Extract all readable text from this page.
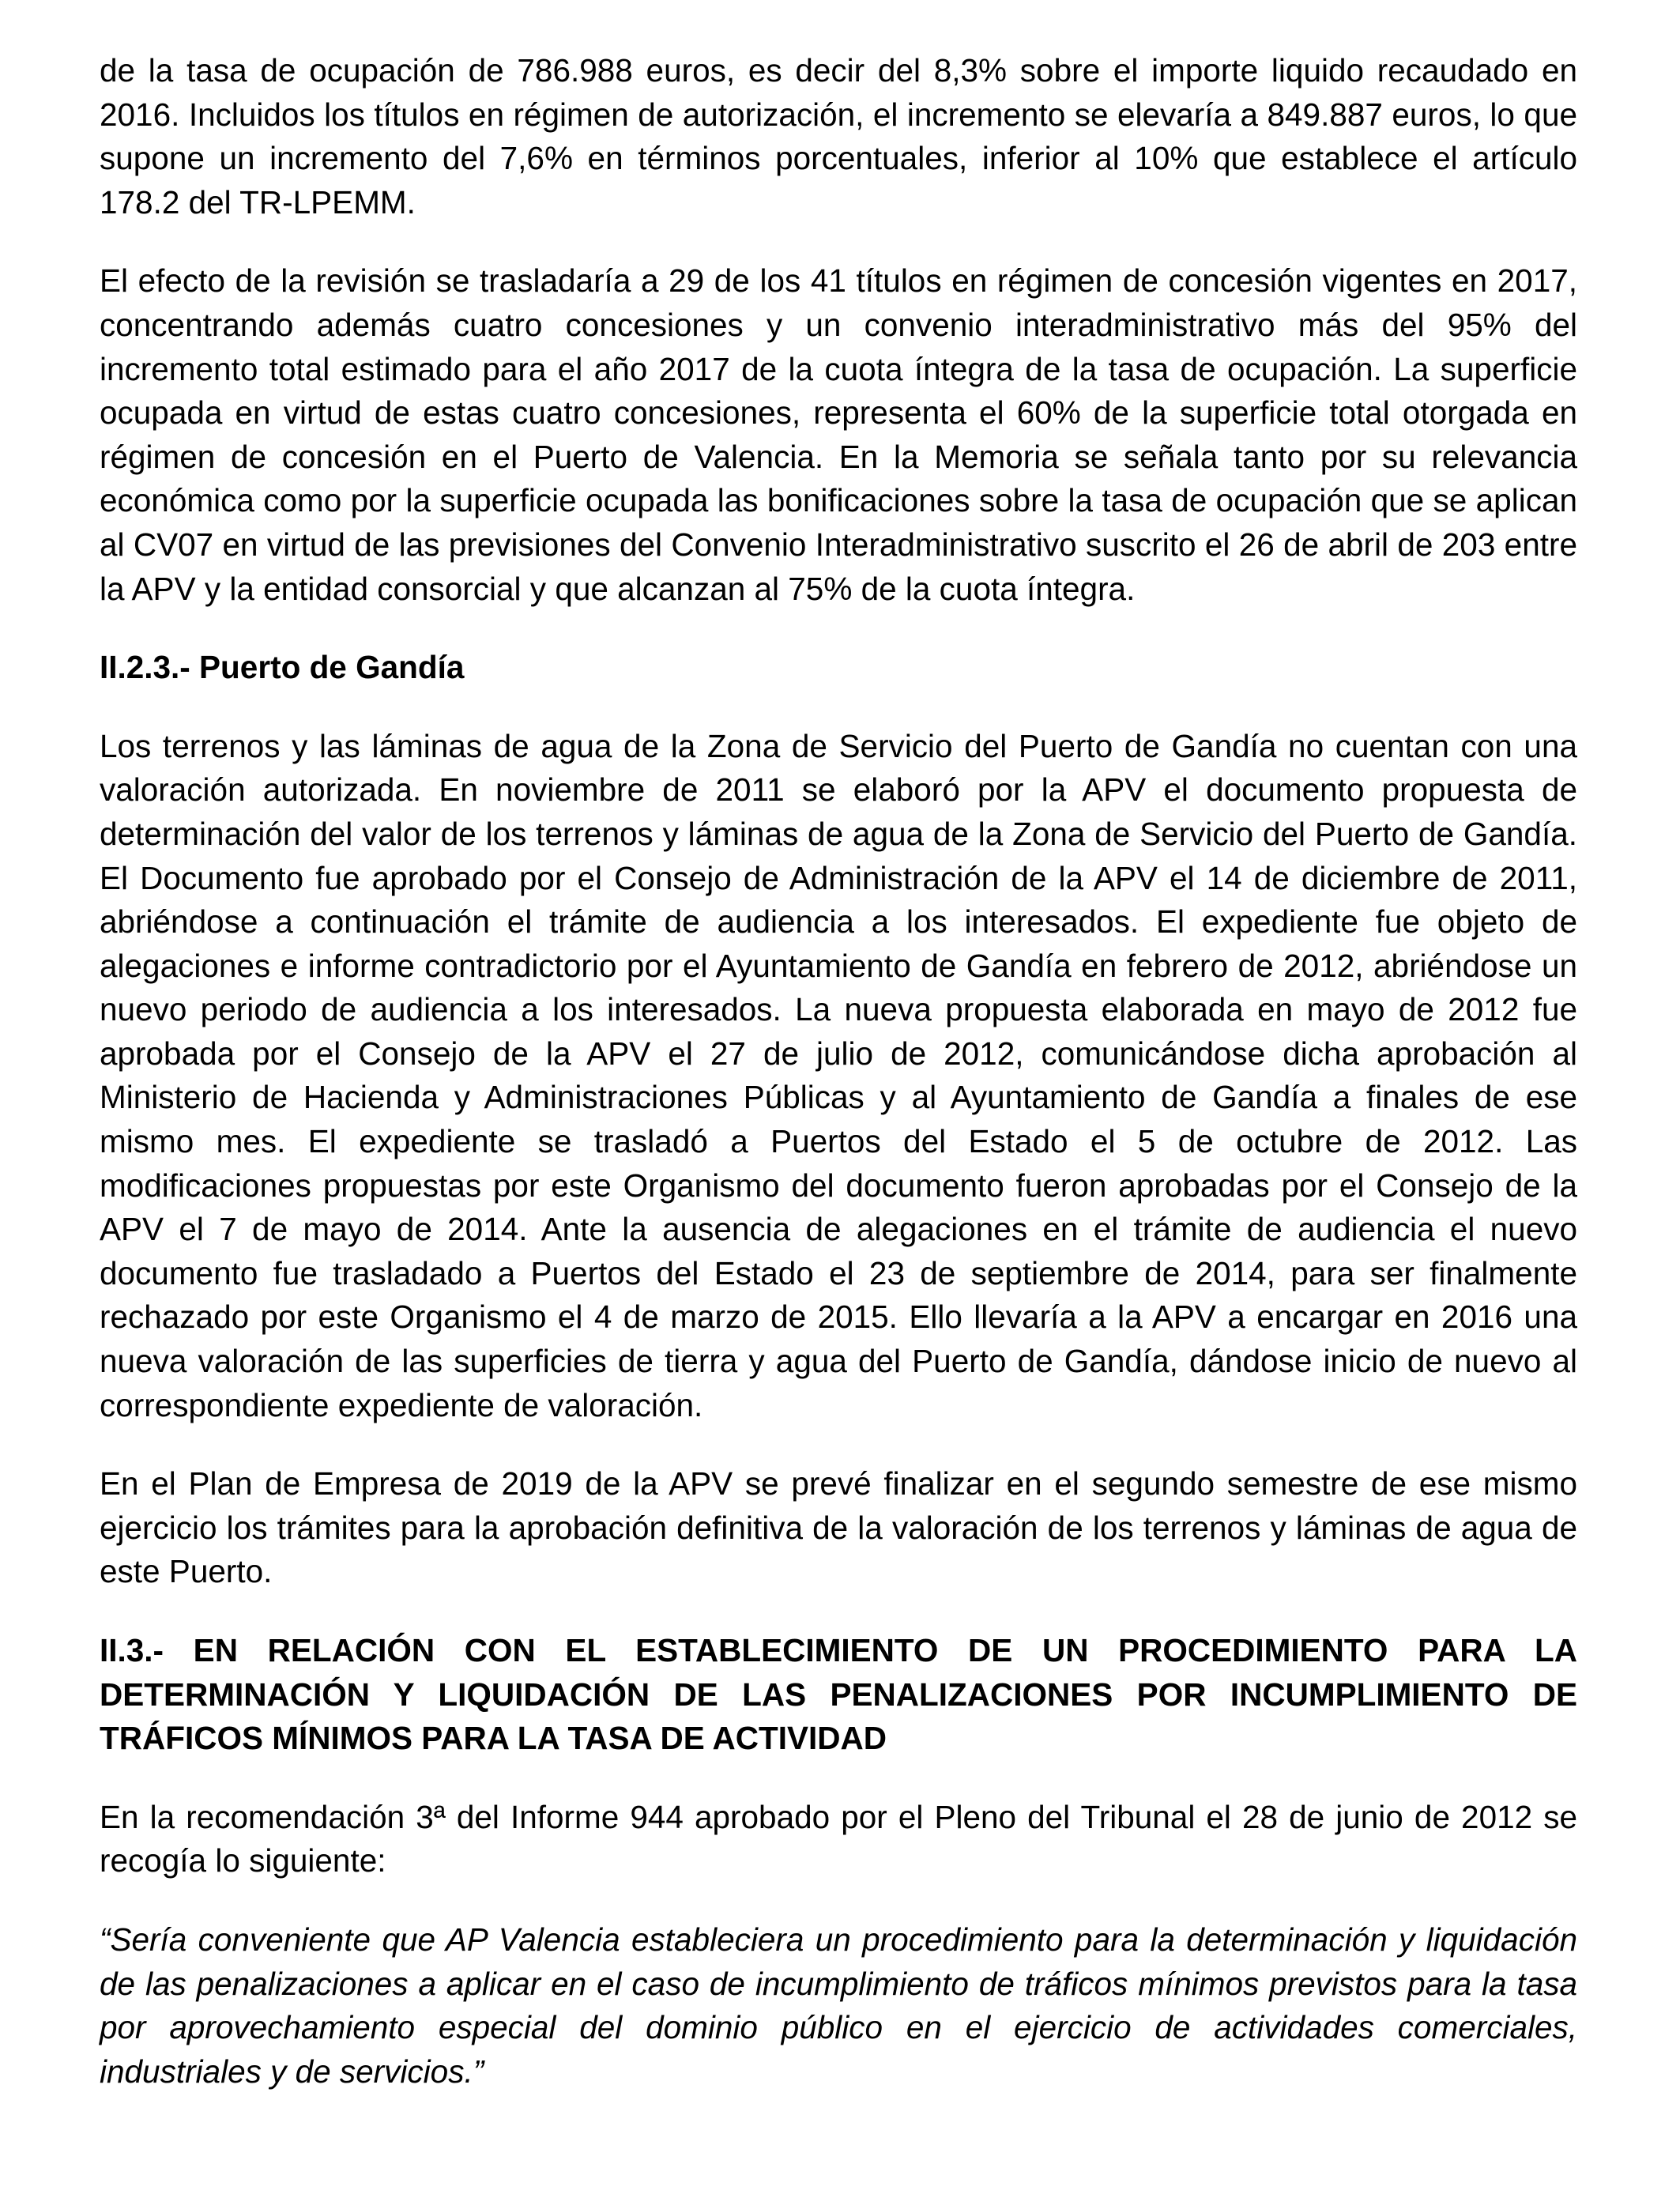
de la tasa de ocupación de 786.988 euros, es decir del 8,3% sobre el importe liquido recaudado en 2016. Incluidos los títulos en régimen de autorización, el incremento se elevaría a 849.887 euros, lo que supone un incremento del 7,6% en términos porcentuales, inferior al 10% que establece el artículo 178.2 del TR-LPEMM.

El efecto de la revisión se trasladaría a 29 de los 41 títulos en régimen de concesión vigentes en 2017, concentrando además cuatro concesiones y un convenio interadministrativo más del 95% del incremento total estimado para el año 2017 de la cuota íntegra de la tasa de ocupación. La superficie ocupada en virtud de estas cuatro concesiones, representa el 60% de la superficie total otorgada en régimen de concesión en el Puerto de Valencia. En la Memoria se señala tanto por su relevancia económica como por la superficie ocupada las bonificaciones sobre la tasa de ocupación que se aplican al CV07 en virtud de las previsiones del Convenio Interadministrativo suscrito el 26 de abril de 203 entre la APV y la entidad consorcial y que alcanzan al 75% de la cuota íntegra.

II.2.3.- Puerto de Gandía

Los terrenos y las láminas de agua de la Zona de Servicio del Puerto de Gandía no cuentan con una valoración autorizada. En noviembre de 2011 se elaboró por la APV el documento propuesta de determinación del valor de los terrenos y láminas de agua de la Zona de Servicio del Puerto de Gandía. El Documento fue aprobado por el Consejo de Administración de la APV el 14 de diciembre de 2011, abriéndose a continuación el trámite de audiencia a los interesados. El expediente fue objeto de alegaciones e informe contradictorio por el Ayuntamiento de Gandía en febrero de 2012, abriéndose un nuevo periodo de audiencia a los interesados. La nueva propuesta elaborada en mayo de 2012 fue aprobada por el Consejo de la APV el 27 de julio de 2012, comunicándose dicha aprobación al Ministerio de Hacienda y Administraciones Públicas y al Ayuntamiento de Gandía a finales de ese mismo mes. El expediente se trasladó a Puertos del Estado el 5 de octubre de 2012. Las modificaciones propuestas por este Organismo del documento fueron aprobadas por el Consejo de la APV el 7 de mayo de 2014. Ante la ausencia de alegaciones en el trámite de audiencia el nuevo documento fue trasladado a Puertos del Estado el 23 de septiembre de 2014, para ser finalmente rechazado por este Organismo el 4 de marzo de 2015. Ello llevaría a la APV a encargar en 2016 una nueva valoración de las superficies de tierra y agua del Puerto de Gandía, dándose inicio de nuevo al correspondiente expediente de valoración.

En el Plan de Empresa de 2019 de la APV se prevé finalizar en el segundo semestre de ese mismo ejercicio los trámites para la aprobación definitiva de la valoración de los terrenos y láminas de agua de este Puerto.

II.3.- EN RELACIÓN CON EL ESTABLECIMIENTO DE UN PROCEDIMIENTO PARA LA DETERMINACIÓN Y LIQUIDACIÓN DE LAS PENALIZACIONES POR INCUMPLIMIENTO DE TRÁFICOS MÍNIMOS PARA LA TASA DE ACTIVIDAD

En la recomendación 3ª del Informe 944 aprobado por el Pleno del Tribunal el 28 de junio de 2012 se recogía lo siguiente:

“Sería conveniente que AP Valencia estableciera un procedimiento para la determinación y liquidación de las penalizaciones a aplicar en el caso de incumplimiento de tráficos mínimos previstos para la tasa por aprovechamiento especial del dominio público en el ejercicio de actividades comerciales, industriales y de servicios.”
